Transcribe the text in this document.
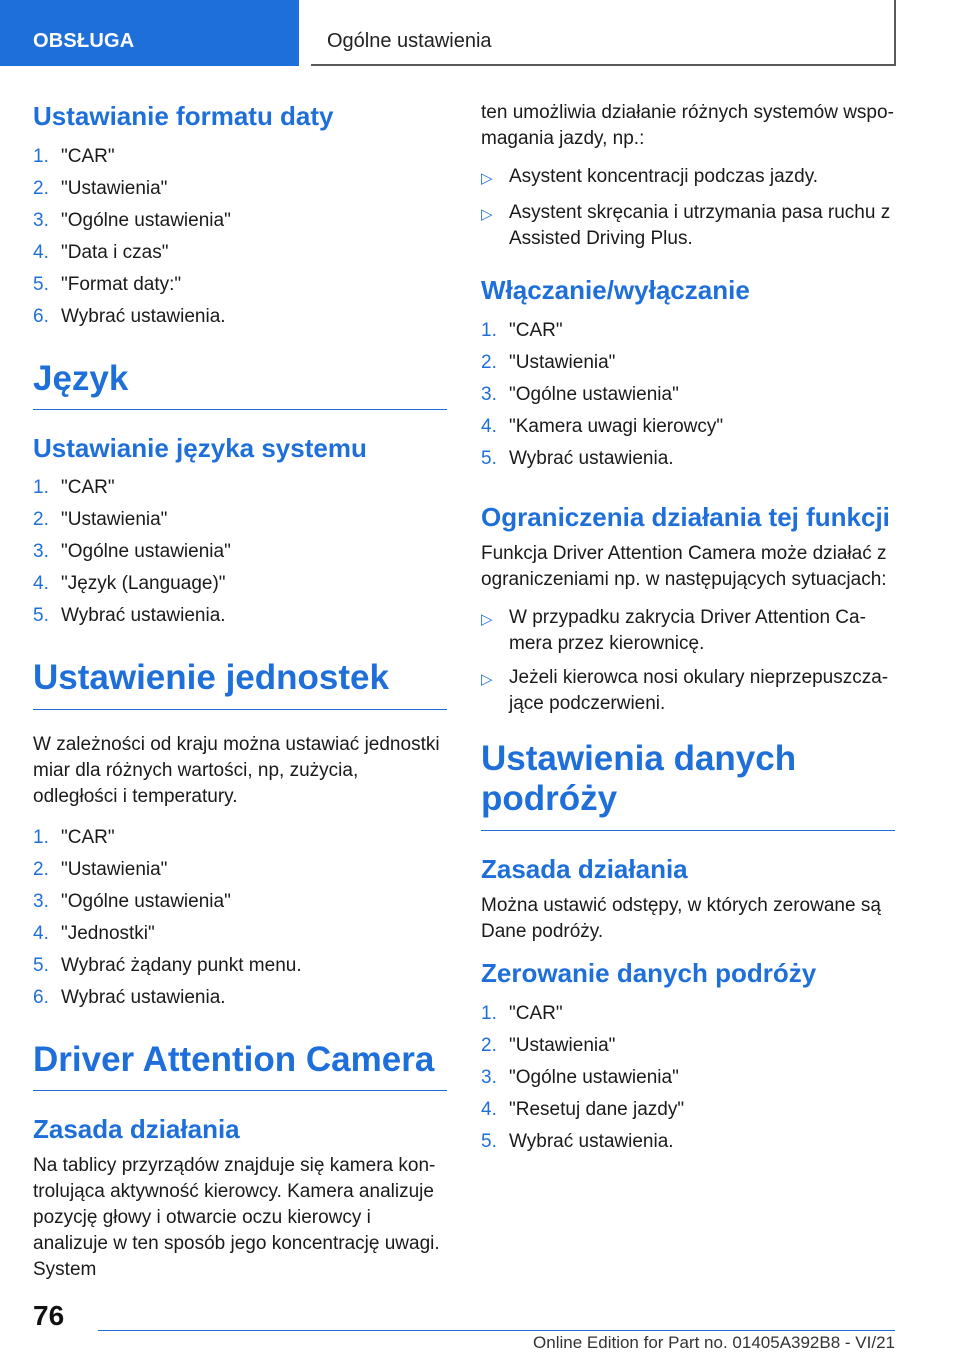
OBSŁUGA	Ogólne ustawienia
Ustawianie formatu daty
1. "CAR"
2. "Ustawienia"
3. "Ogólne ustawienia"
4. "Data i czas"
5. "Format daty:"
6. Wybrać ustawienia.
Język
Ustawianie języka systemu
1. "CAR"
2. "Ustawienia"
3. "Ogólne ustawienia"
4. "Język (Language)"
5. Wybrać ustawienia.
Ustawienie jednostek

W zależności od kraju można ustawiać jednostki miar dla różnych wartości, np, zużycia, odległości i temperatury.

1. "CAR"
2. "Ustawienia"
3. "Ogólne ustawienia"
4. "Jednostki"
5. Wybrać żądany punkt menu.
6. Wybrać ustawienia.
Driver Attention Camera
Zasada działania

Na tablicy przyrządów znajduje się kamera kontrolująca aktywność kierowcy. Kamera analizuje pozycję głowy i otwarcie oczu kierowcy i analizuje w ten sposób jego koncentrację uwagi. System

ten umożliwia działanie różnych systemów wspomagania jazdy, np.:

▷ Asystent koncentracji podczas jazdy.
▷ Asystent skręcania i utrzymania pasa ruchu z Assisted Driving Plus.
Włączanie/wyłączanie
1. "CAR"
2. "Ustawienia"
3. "Ogólne ustawienia"
4. "Kamera uwagi kierowcy"
5. Wybrać ustawienia.
Ograniczenia działania tej funkcji

Funkcja Driver Attention Camera może działać z ograniczeniami np. w następujących sytuacjach:

▷ W przypadku zakrycia Driver Attention Camera przez kierownicę.
▷ Jeżeli kierowca nosi okulary nieprzepuszczające podczerwieni.
Ustawienia danych podróży
Zasada działania

Można ustawić odstępy, w których zerowane są Dane podróży.

Zerowanie danych podróży
1. "CAR"
2. "Ustawienia"
3. "Ogólne ustawienia"
4. "Resetuj dane jazdy"
5. Wybrać ustawienia.
76
Online Edition for Part no. 01405A392B8 - VI/21
